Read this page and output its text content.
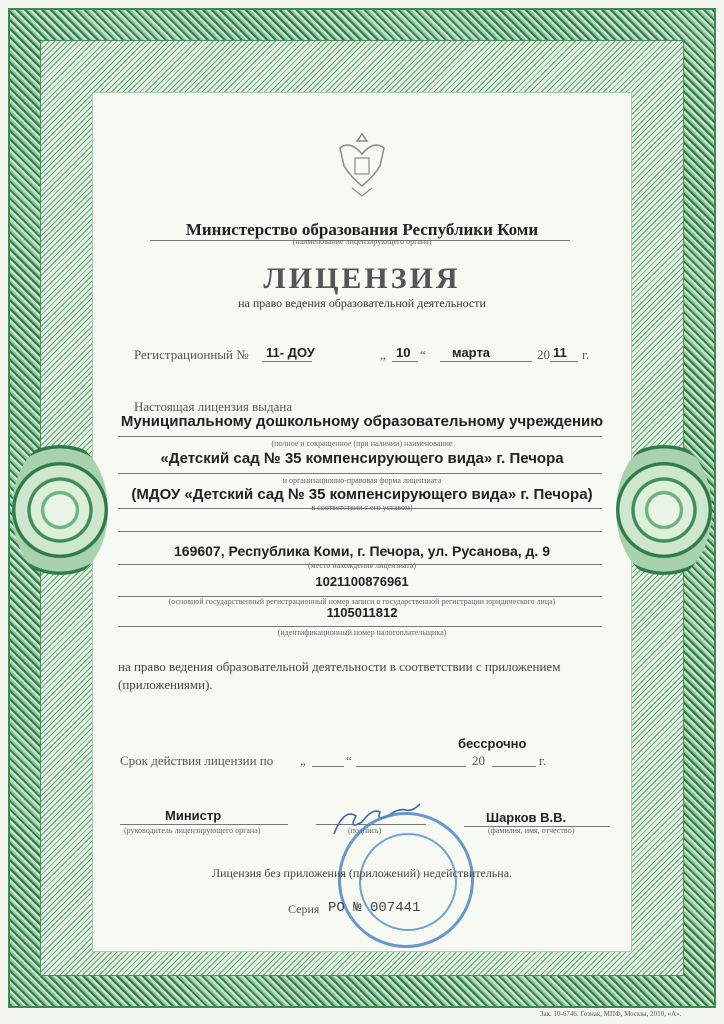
Министерство образования Республики Коми
(наименование лицензирующего органа)
ЛИЦЕНЗИЯ
на право ведения образовательной деятельности
Регистрационный № 11- ДОУ	„ 10 “ марта	20 11 г.
Настоящая лицензия выдана
Муниципальному дошкольному образовательному учреждению
(полное и сокращенное (при наличии) наименование
«Детский сад № 35 компенсирующего вида» г. Печора
и организационно-правовая форма лицензиата
(МДОУ «Детский сад № 35 компенсирующего вида» г. Печора)
в соответствии с его уставом)
169607, Республика Коми, г. Печора, ул. Русанова, д. 9
(место нахождения лицензиата)
1021100876961
(основной государственный регистрационный номер записи о государственной регистрации юридического лица)
1105011812
(идентификационный номер налогоплательщика)
на право ведения образовательной деятельности в соответствии с приложением
(приложениями).
бессрочно
Срок действия лицензии по „	“	20	г.
Министр
(руководитель лицензирующего органа)	(подпись)
Шарков В.В.
(фамилия, имя, отчество)
Лицензия без приложения (приложений) недействительна.
Серия РО № 007441
Зак. 10-6746. Гознак, МПФ, Москва, 2010, «А».
